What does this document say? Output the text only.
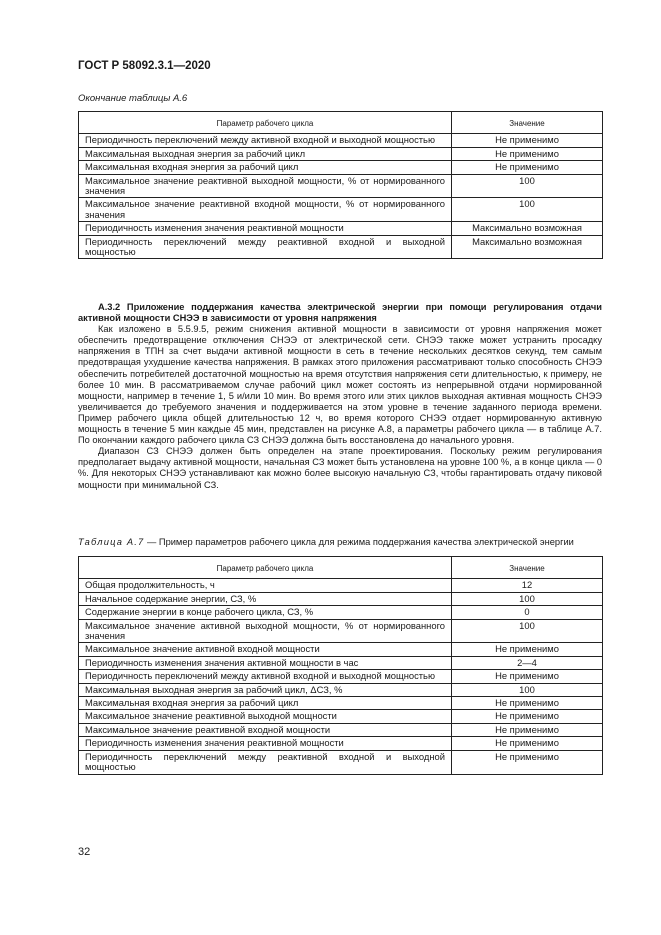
ГОСТ Р 58092.3.1—2020
Окончание таблицы А.6
Параметр рабочего цикла	Значение
Периодичность переключений между активной входной и выходной мощностью	Не применимо
Максимальная выходная энергия за рабочий цикл	Не применимо
Максимальная входная энергия за рабочий цикл	Не применимо
Максимальное значение реактивной выходной мощности, % от нормированного значения	100
Максимальное значение реактивной входной мощности, % от нормированного значения	100
Периодичность изменения значения реактивной мощности	Максимально возможная
Периодичность переключений между реактивной входной и выходной мощностью	Максимально возможная

А.3.2 Приложение поддержания качества электрической энергии при помощи регулирования отдачи активной мощности СНЭЭ в зависимости от уровня напряжения

Как изложено в 5.5.9.5, режим снижения активной мощности в зависимости от уровня напряжения может обеспечить предотвращение отключения СНЭЭ от электрической сети. СНЭЭ также может устранить просадку напряжения в ТПН за счет выдачи активной мощности в сеть в течение нескольких десятков секунд, тем самым предотвращая ухудшение качества напряжения. В рамках этого приложения рассматривают только способность СНЭЭ обеспечить потребителей достаточной мощностью на время отсутствия напряжения сети длительностью, к примеру, не более 10 мин. В рассматриваемом случае рабочий цикл может состоять из непрерывной отдачи нормированной мощности, например в течение 1, 5 и/или 10 мин. Во время этого или этих циклов выходная активная мощность СНЭЭ увеличивается до требуемого значения и поддерживается на этом уровне в течение заданного периода времени. Пример рабочего цикла общей длительностью 12 ч, во время которого СНЭЭ отдает нормированную активную мощность в течение 5 мин каждые 45 мин, представлен на рисунке А.8, а параметры рабочего цикла — в таблице А.7. По окончании каждого рабочего цикла СЗ СНЭЭ должна быть восстановлена до начального уровня.

Диапазон СЗ СНЭЭ должен быть определен на этапе проектирования. Поскольку режим регулирования предполагает выдачу активной мощности, начальная СЗ может быть установлена на уровне 100 %, а в конце цикла — 0 %. Для некоторых СНЭЭ устанавливают как можно более высокую начальную СЗ, чтобы гарантировать отдачу пиковой мощности при минимальной СЗ.

Таблица А.7 — Пример параметров рабочего цикла для режима поддержания качества электрической энергии
Параметр рабочего цикла	Значение
Общая продолжительность, ч	12
Начальное содержание энергии, СЗ, %	100
Содержание энергии в конце рабочего цикла, СЗ, %	0
Максимальное значение активной выходной мощности, % от нормированного значения	100
Максимальное значение активной входной мощности	Не применимо
Периодичность изменения значения активной мощности в час	2—4
Периодичность переключений между активной входной и выходной мощностью	Не применимо
Максимальная выходная энергия за рабочий цикл, ΔСЗ, %	100
Максимальная входная энергия за рабочий цикл	Не применимо
Максимальное значение реактивной выходной мощности	Не применимо
Максимальное значение реактивной входной мощности	Не применимо
Периодичность изменения значения реактивной мощности	Не применимо
Периодичность переключений между реактивной входной и выходной мощностью	Не применимо
32
